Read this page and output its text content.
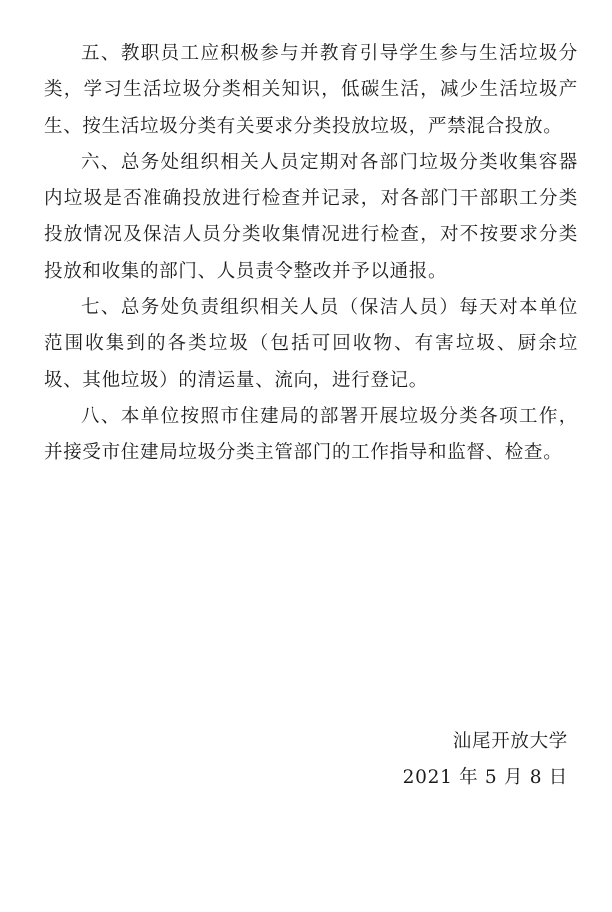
五、教职员工应积极参与并教育引导学生参与生活垃圾分类，学习生活垃圾分类相关知识，低碳生活，减少生活垃圾产生、按生活垃圾分类有关要求分类投放垃圾，严禁混合投放。

六、总务处组织相关人员定期对各部门垃圾分类收集容器内垃圾是否准确投放进行检查并记录，对各部门干部职工分类投放情况及保洁人员分类收集情况进行检查，对不按要求分类投放和收集的部门、人员责令整改并予以通报。

七、总务处负责组织相关人员（保洁人员）每天对本单位范围收集到的各类垃圾（包括可回收物、有害垃圾、厨余垃圾、其他垃圾）的清运量、流向，进行登记。

八、本单位按照市住建局的部署开展垃圾分类各项工作，并接受市住建局垃圾分类主管部门的工作指导和监督、检查。

汕尾开放大学
2021 年 5 月 8 日
